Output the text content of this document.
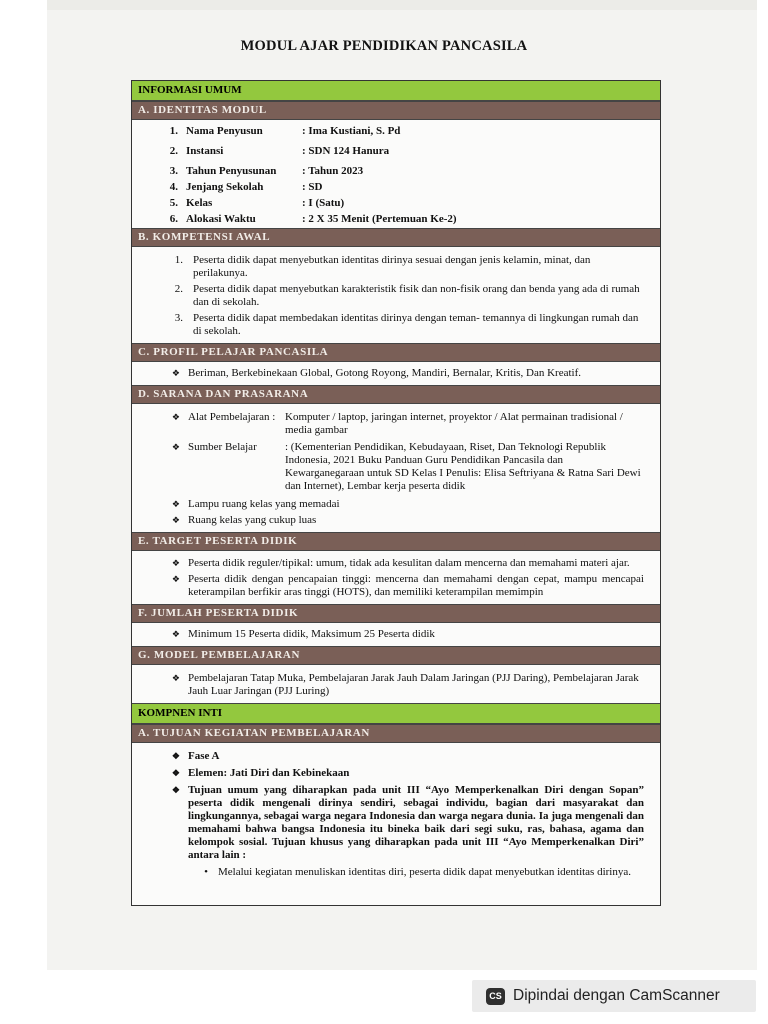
MODUL AJAR PENDIDIKAN PANCASILA
INFORMASI UMUM
A. IDENTITAS MODUL
1. Nama Penyusun	: Ima Kustiani, S. Pd
2. Instansi	: SDN 124 Hanura
3. Tahun Penyusunan	: Tahun 2023
4. Jenjang Sekolah	: SD
5. Kelas	: I (Satu)
6. Alokasi Waktu	: 2 X 35 Menit (Pertemuan Ke-2)
B. KOMPETENSI AWAL
1. Peserta didik dapat menyebutkan identitas dirinya sesuai dengan jenis kelamin, minat, dan perilakunya.
2. Peserta didik dapat menyebutkan karakteristik fisik dan non-fisik orang dan benda yang ada di rumah dan di sekolah.
3. Peserta didik dapat membedakan identitas dirinya dengan teman- temannya di lingkungan rumah dan di sekolah.
C. PROFIL PELAJAR PANCASILA
❖ Beriman, Berkebinekaan Global, Gotong Royong, Mandiri, Bernalar, Kritis, Dan Kreatif.
D. SARANA DAN PRASARANA
❖ Alat Pembelajaran : Komputer / laptop, jaringan internet, proyektor / Alat permainan tradisional / media gambar
❖ Sumber Belajar	: (Kementerian Pendidikan, Kebudayaan, Riset, Dan Teknologi Republik Indonesia, 2021 Buku Panduan Guru Pendidikan Pancasila dan Kewarganegaraan untuk SD Kelas I Penulis: Elisa Seftriyana & Ratna Sari Dewi dan Internet), Lembar kerja peserta didik
❖ Lampu ruang kelas yang memadai
❖ Ruang kelas yang cukup luas
E. TARGET PESERTA DIDIK
❖ Peserta didik reguler/tipikal: umum, tidak ada kesulitan dalam mencerna dan memahami materi ajar.
❖ Peserta didik dengan pencapaian tinggi: mencerna dan memahami dengan cepat, mampu mencapai keterampilan berfikir aras tinggi (HOTS), dan memiliki keterampilan memimpin
F. JUMLAH PESERTA DIDIK
❖ Minimum 15 Peserta didik, Maksimum 25 Peserta didik
G. MODEL PEMBELAJARAN
❖ Pembelajaran Tatap Muka, Pembelajaran Jarak Jauh Dalam Jaringan (PJJ Daring), Pembelajaran Jarak Jauh Luar Jaringan (PJJ Luring)
KOMPNEN INTI
A. TUJUAN KEGIATAN PEMBELAJARAN
❖ Fase A
❖ Elemen: Jati Diri dan Kebinekaan
❖ Tujuan umum yang diharapkan pada unit III “Ayo Memperkenalkan Diri dengan Sopan” peserta didik mengenali dirinya sendiri, sebagai individu, bagian dari masyarakat dan lingkungannya, sebagai warga negara Indonesia dan warga negara dunia. Ia juga mengenali dan memahami bahwa bangsa Indonesia itu bineka baik dari segi suku, ras, bahasa, agama dan kelompok sosial. Tujuan khusus yang diharapkan pada unit III “Ayo Memperkenalkan Diri” antara lain :
• Melalui kegiatan menuliskan identitas diri, peserta didik dapat menyebutkan identitas dirinya.
CS Dipindai dengan CamScanner
